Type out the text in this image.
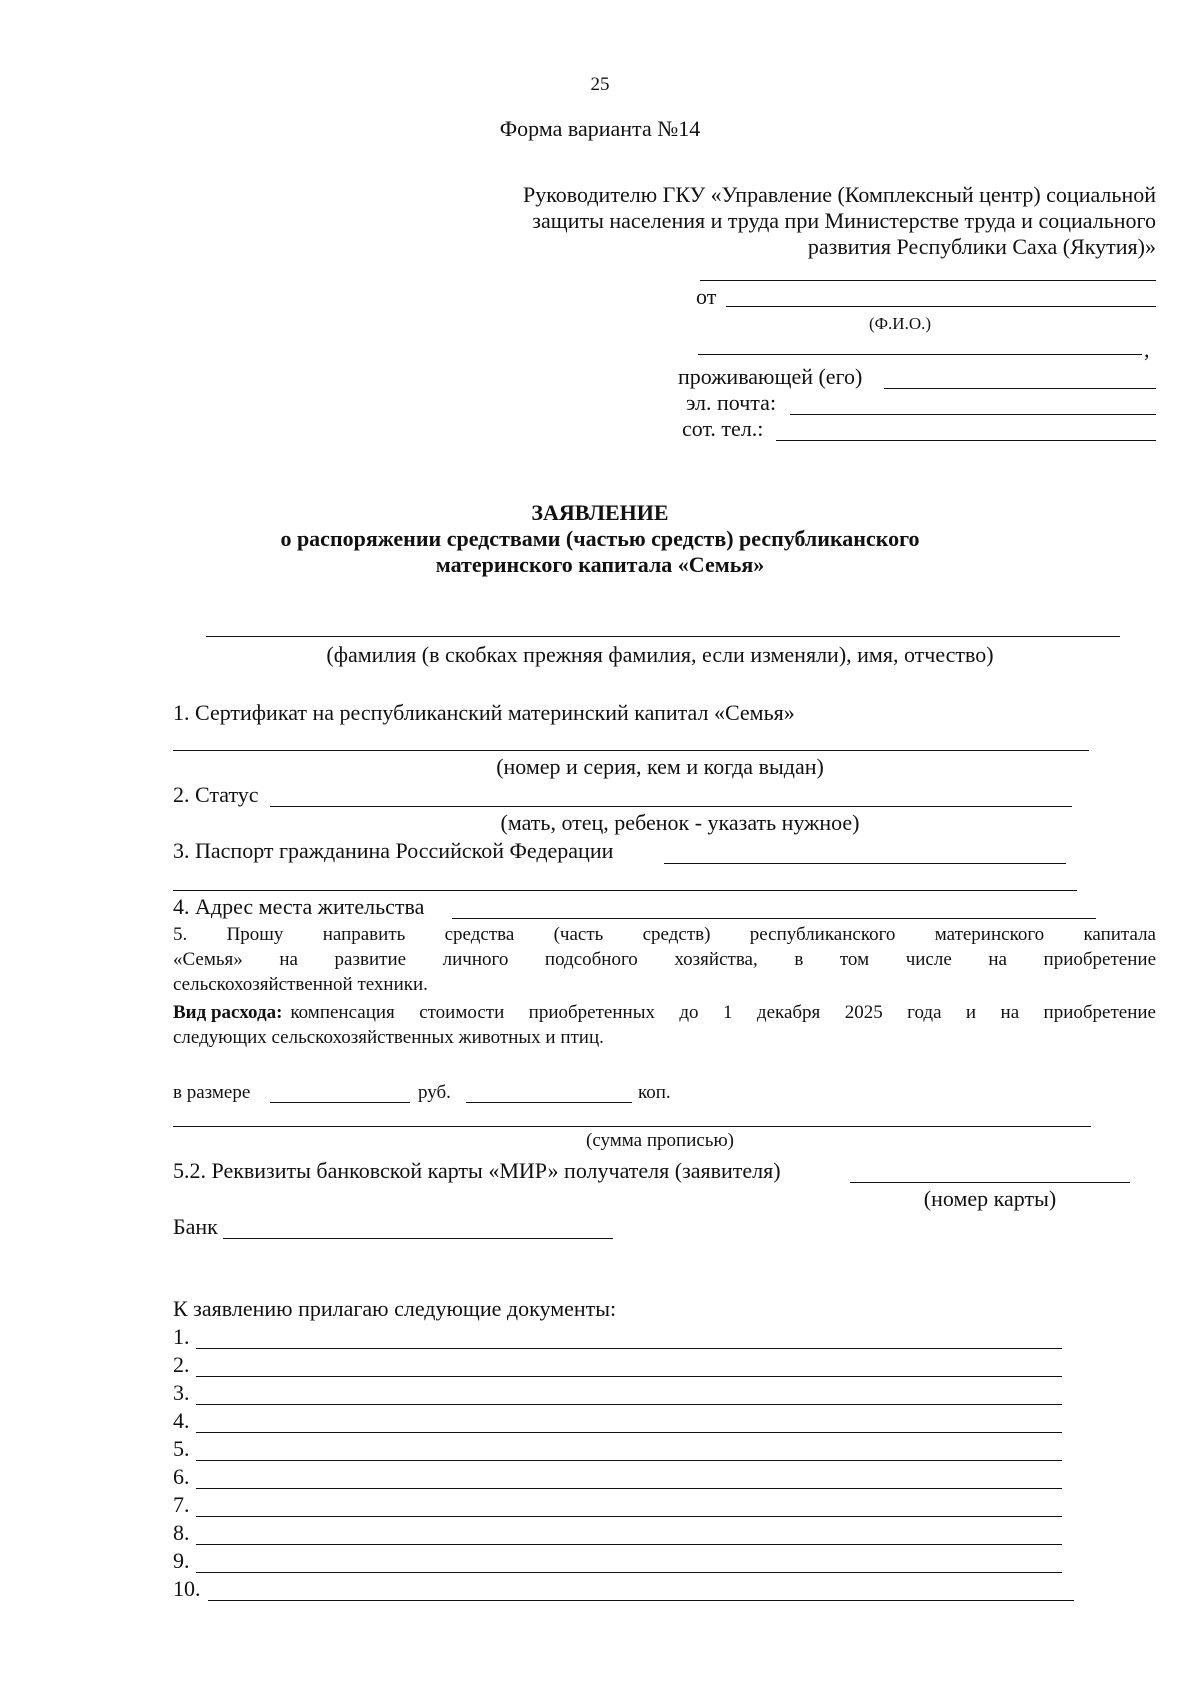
25
Форма варианта №14
Руководителю ГКУ «Управление (Комплексный центр) социальной
защиты населения и труда при Министерстве труда и социального
развития Республики Саха (Якутия)»
от
(Ф.И.О.)
,
проживающей (его)
эл. почта:
сот. тел.:
ЗАЯВЛЕНИЕ
о распоряжении средствами (частью средств) республиканского
материнского капитала «Семья»
(фамилия (в скобках прежняя фамилия, если изменяли), имя, отчество)
1. Сертификат на республиканский материнский капитал «Семья»
(номер и серия, кем и когда выдан)
2. Статус
(мать, отец, ребенок - указать нужное)
3. Паспорт гражданина Российской Федерации
4. Адрес места жительства
5. Прошу направить средства (часть средств) республиканского материнского капитала
«Семья» на развитие личного подсобного хозяйства, в том числе на приобретение
сельскохозяйственной техники.
Вид расхода: компенсация стоимости приобретенных до 1 декабря 2025 года и на приобретение
следующих сельскохозяйственных животных и птиц.
в размере	руб.	коп.
(сумма прописью)
5.2. Реквизиты банковской карты «МИР» получателя (заявителя)
(номер карты)
Банк
К заявлению прилагаю следующие документы:
1.
2.
3.
4.
5.
6.
7.
8.
9.
10.
